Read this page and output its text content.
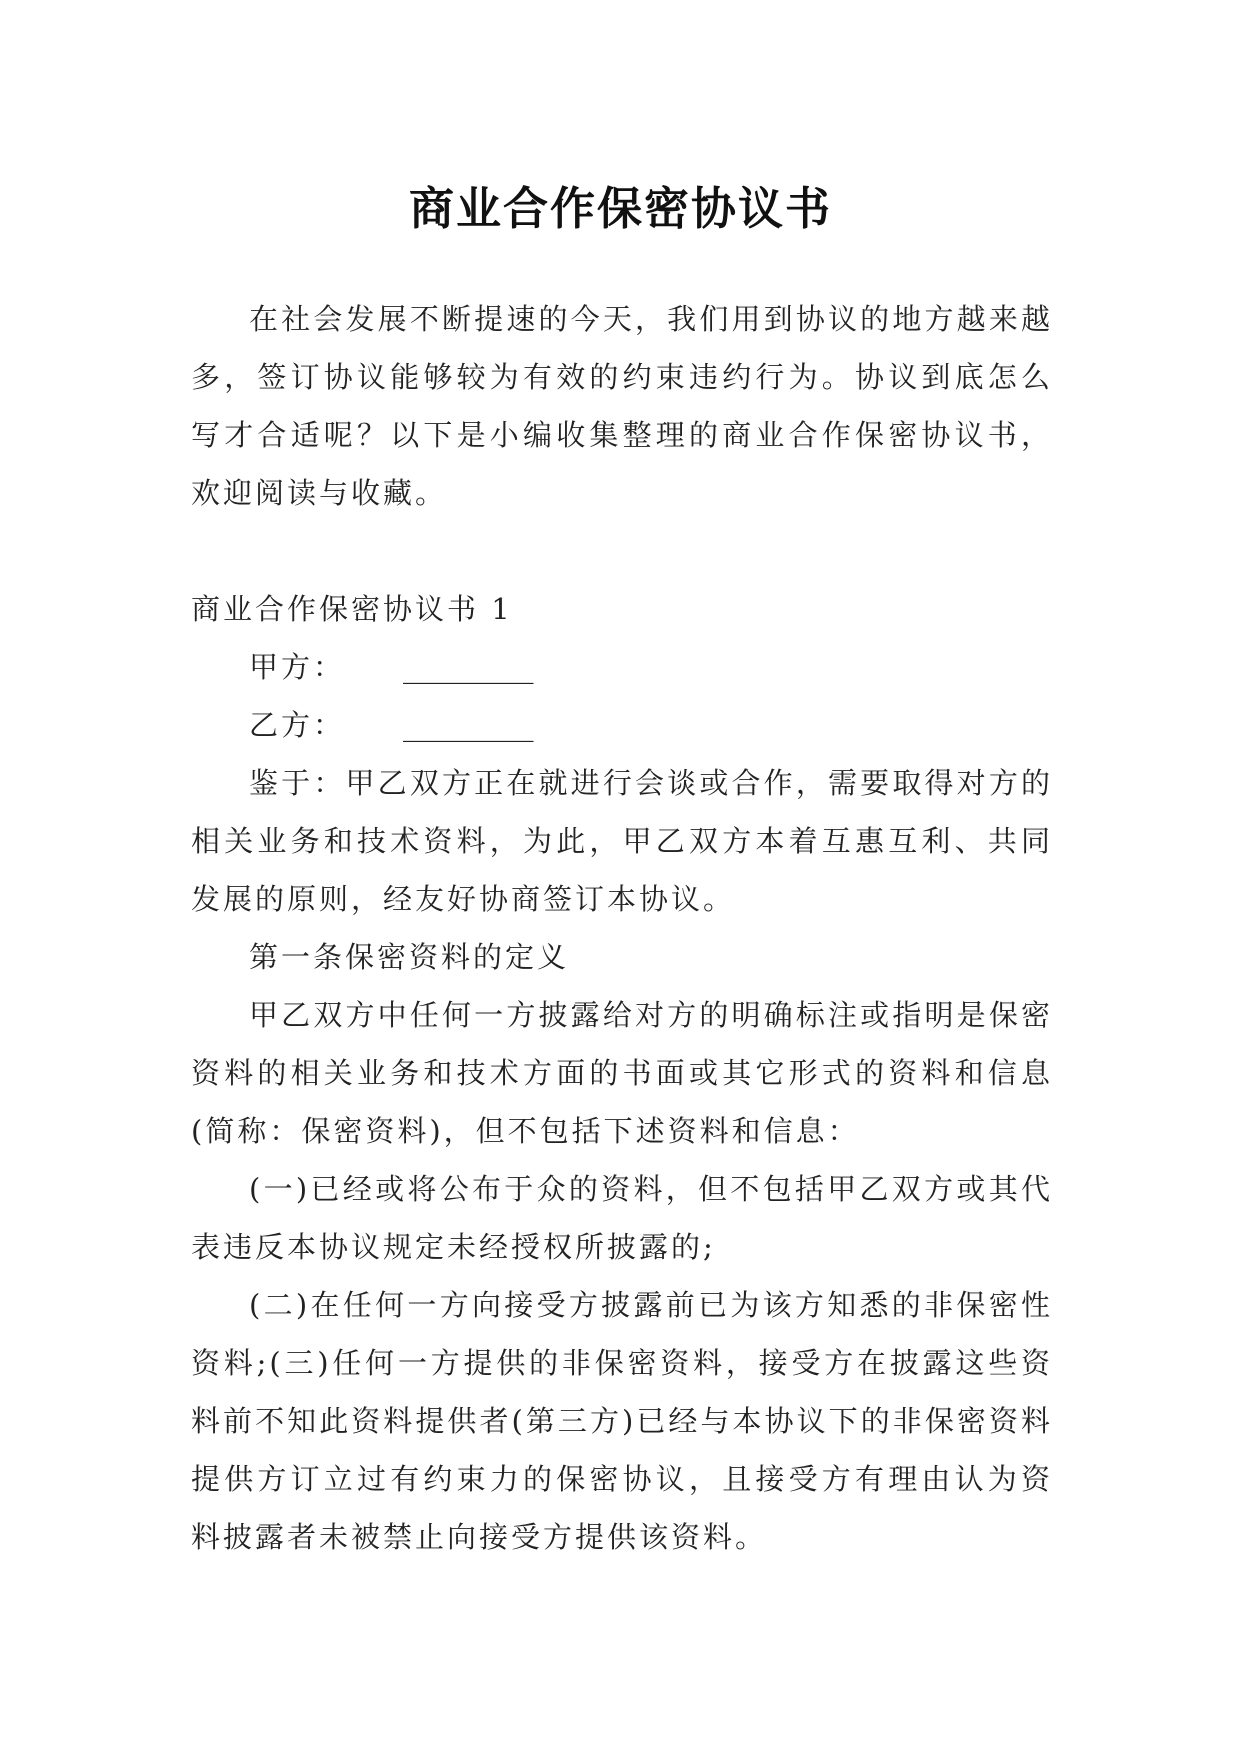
商业合作保密协议书

在社会发展不断提速的今天，我们用到协议的地方越来越多，签订协议能够较为有效的约束违约行为。协议到底怎么写才合适呢？以下是小编收集整理的商业合作保密协议书，欢迎阅读与收藏。

商业合作保密协议书 1

甲方： _________

乙方： _________

鉴于：甲乙双方正在就进行会谈或合作，需要取得对方的相关业务和技术资料，为此，甲乙双方本着互惠互利、共同发展的原则，经友好协商签订本协议。

第一条保密资料的定义

甲乙双方中任何一方披露给对方的明确标注或指明是保密资料的相关业务和技术方面的书面或其它形式的资料和信息(简称：保密资料)，但不包括下述资料和信息：

(一)已经或将公布于众的资料，但不包括甲乙双方或其代表违反本协议规定未经授权所披露的;

(二)在任何一方向接受方披露前已为该方知悉的非保密性资料;(三)任何一方提供的非保密资料，接受方在披露这些资料前不知此资料提供者(第三方)已经与本协议下的非保密资料提供方订立过有约束力的保密协议，且接受方有理由认为资料披露者未被禁止向接受方提供该资料。
